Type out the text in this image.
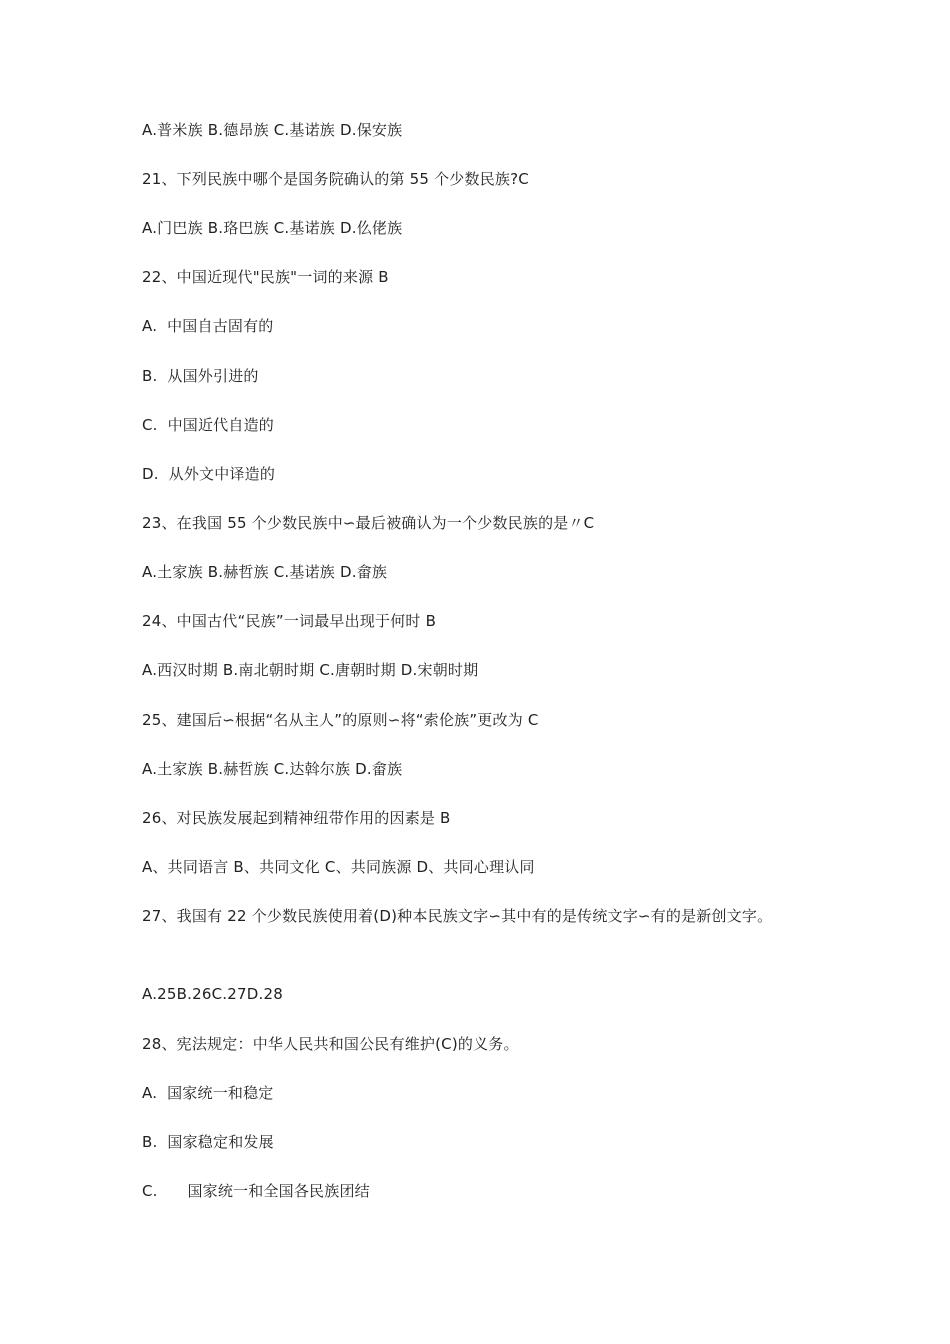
A.普米族 B.德昂族 C.基诺族 D.保安族
21、下列民族中哪个是国务院确认的第 55 个少数民族?C
A.门巴族 B.珞巴族 C.基诺族 D.仫佬族
22、中国近现代"民族"一词的来源 B
A.  中国自古固有的
B.  从国外引进的
C.  中国近代自造的
D.  从外文中译造的
23、在我国 55 个少数民族中∽最后被确认为一个少数民族的是〃C
A.土家族 B.赫哲族 C.基诺族 D.畲族
24、中国古代“民族”一词最早出现于何时 B
A.西汉时期 B.南北朝时期 C.唐朝时期 D.宋朝时期
25、建国后∽根据“名从主人”的原则∽将“索伦族”更改为 C
A.土家族 B.赫哲族 C.达斡尔族 D.畲族
26、对民族发展起到精神纽带作用的因素是 B
A、共同语言 B、共同文化 C、共同族源 D、共同心理认同
27、我国有 22 个少数民族使用着(D)种本民族文字∽其中有的是传统文字∽有的是新创文字。
A.25B.26C.27D.28
28、宪法规定：中华人民共和国公民有维护(C)的义务。
A.  国家统一和稳定
B.  国家稳定和发展
C.      国家统一和全国各民族团结
